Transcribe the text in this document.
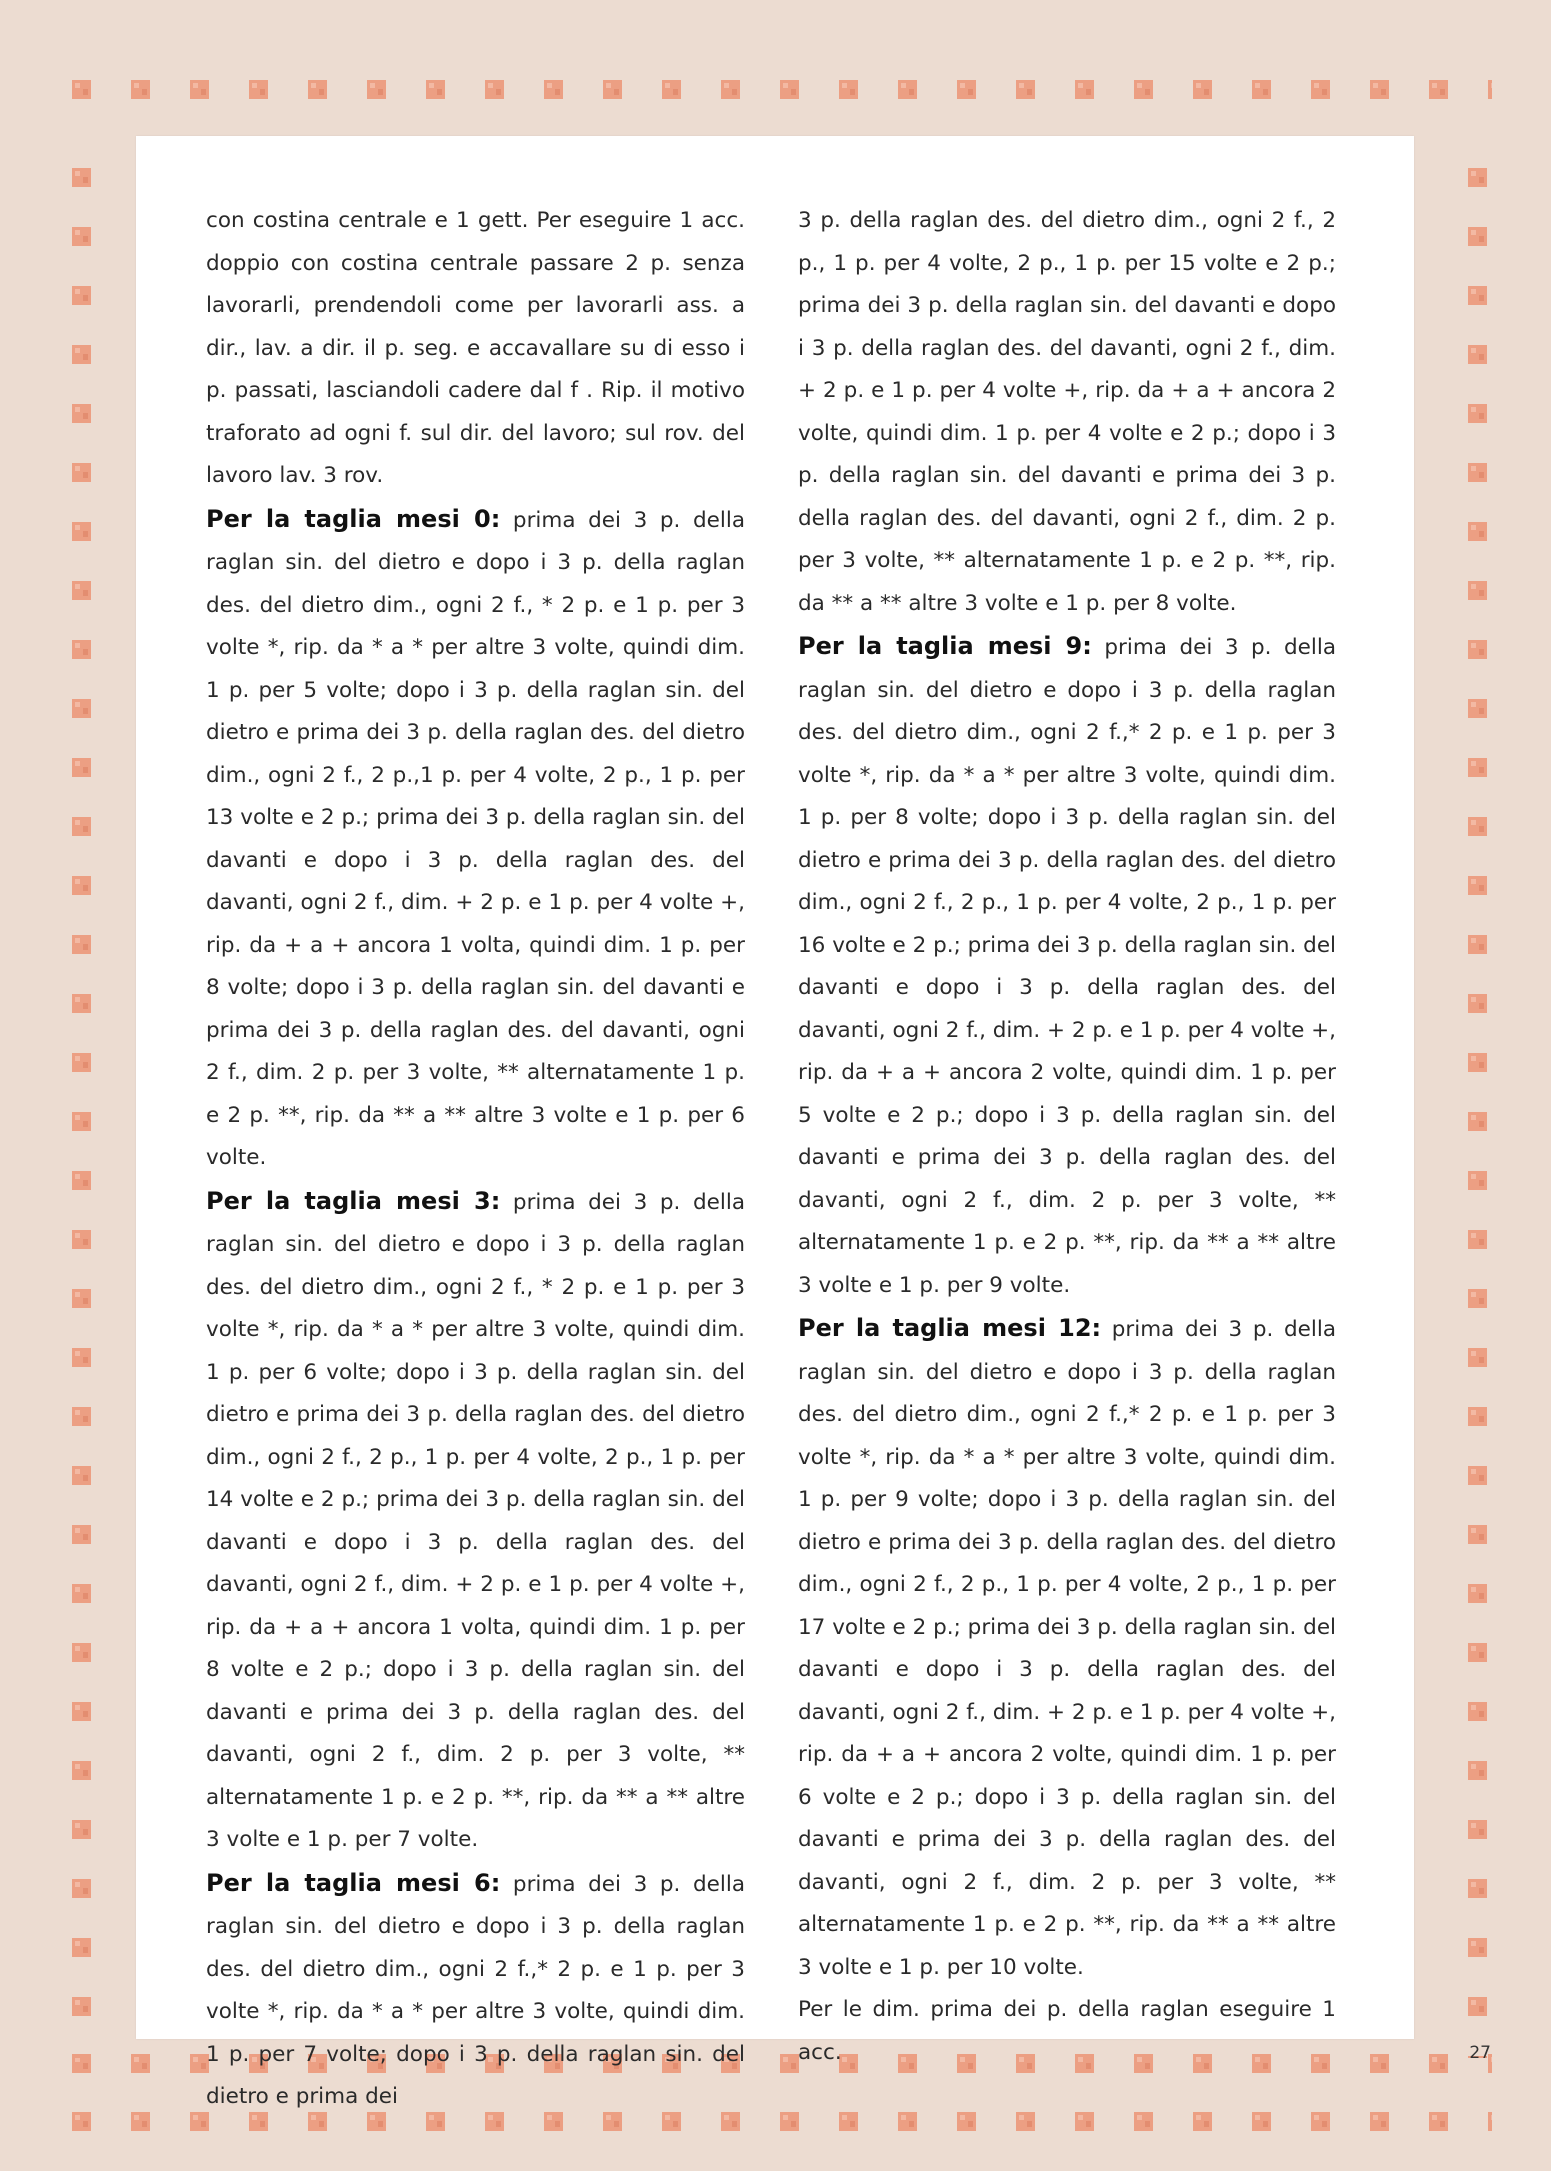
con costina centrale e 1 gett. Per eseguire 1 acc. doppio con costina centrale passare 2 p. senza lavorarli, prendendoli come per lavorarli ass. a dir., lav. a dir. il p. seg. e accavallare su di esso i p. passati, lasciandoli cadere dal f . Rip. il motivo traforato ad ogni f. sul dir. del lavoro; sul rov. del lavoro lav. 3 rov.

Per la taglia mesi 0: prima dei 3 p. della raglan sin. del dietro e dopo i 3 p. della raglan des. del dietro dim., ogni 2 f., * 2 p. e 1 p. per 3 volte *, rip. da * a * per altre 3 volte, quindi dim. 1 p. per 5 volte; dopo i 3 p. della raglan sin. del dietro e prima dei 3 p. della raglan des. del dietro dim., ogni 2 f., 2 p.,1 p. per 4 volte, 2 p., 1 p. per 13 volte e 2 p.; prima dei 3 p. della raglan sin. del davanti e dopo i 3 p. della raglan des. del davanti, ogni 2 f., dim. + 2 p. e 1 p. per 4 volte +, rip. da + a + ancora 1 volta, quindi dim. 1 p. per 8 volte; dopo i 3 p. della raglan sin. del davanti e prima dei 3 p. della raglan des. del davanti, ogni 2 f., dim. 2 p. per 3 volte, ** alternatamente 1 p. e 2 p. **, rip. da ** a ** altre 3 volte e 1 p. per 6 volte.

Per la taglia mesi 3: prima dei 3 p. della raglan sin. del dietro e dopo i 3 p. della raglan des. del dietro dim., ogni 2 f., * 2 p. e 1 p. per 3 volte *, rip. da * a * per altre 3 volte, quindi dim. 1 p. per 6 volte; dopo i 3 p. della raglan sin. del dietro e prima dei 3 p. della raglan des. del dietro dim., ogni 2 f., 2 p., 1 p. per 4 volte, 2 p., 1 p. per 14 volte e 2 p.; prima dei 3 p. della raglan sin. del davanti e dopo i 3 p. della raglan des. del davanti, ogni 2 f., dim. + 2 p. e 1 p. per 4 volte +, rip. da + a + ancora 1 volta, quindi dim. 1 p. per 8 volte e 2 p.; dopo i 3 p. della raglan sin. del davanti e prima dei 3 p. della raglan des. del davanti, ogni 2 f., dim. 2 p. per 3 volte, ** alternatamente 1 p. e 2 p. **, rip. da ** a ** altre 3 volte e 1 p. per 7 volte.

Per la taglia mesi 6: prima dei 3 p. della raglan sin. del dietro e dopo i 3 p. della raglan des. del dietro dim., ogni 2 f.,* 2 p. e 1 p. per 3 volte *, rip. da * a * per altre 3 volte, quindi dim. 1 p. per 7 volte; dopo i 3 p. della raglan sin. del dietro e prima dei

3 p. della raglan des. del dietro dim., ogni 2 f., 2 p., 1 p. per 4 volte, 2 p., 1 p. per 15 volte e 2 p.; prima dei 3 p. della raglan sin. del davanti e dopo i 3 p. della raglan des. del davanti, ogni 2 f., dim. + 2 p. e 1 p. per 4 volte +, rip. da + a + ancora 2 volte, quindi dim. 1 p. per 4 volte e 2 p.; dopo i 3 p. della raglan sin. del davanti e prima dei 3 p. della raglan des. del davanti, ogni 2 f., dim. 2 p. per 3 volte, ** alternatamente 1 p. e 2 p. **, rip. da ** a ** altre 3 volte e 1 p. per 8 volte.

Per la taglia mesi 9: prima dei 3 p. della raglan sin. del dietro e dopo i 3 p. della raglan des. del dietro dim., ogni 2 f.,* 2 p. e 1 p. per 3 volte *, rip. da * a * per altre 3 volte, quindi dim. 1 p. per 8 volte; dopo i 3 p. della raglan sin. del dietro e prima dei 3 p. della raglan des. del dietro dim., ogni 2 f., 2 p., 1 p. per 4 volte, 2 p., 1 p. per 16 volte e 2 p.; prima dei 3 p. della raglan sin. del davanti e dopo i 3 p. della raglan des. del davanti, ogni 2 f., dim. + 2 p. e 1 p. per 4 volte +, rip. da + a + ancora 2 volte, quindi dim. 1 p. per 5 volte e 2 p.; dopo i 3 p. della raglan sin. del davanti e prima dei 3 p. della raglan des. del davanti, ogni 2 f., dim. 2 p. per 3 volte, ** alternatamente 1 p. e 2 p. **, rip. da ** a ** altre 3 volte e 1 p. per 9 volte.

Per la taglia mesi 12: prima dei 3 p. della raglan sin. del dietro e dopo i 3 p. della raglan des. del dietro dim., ogni 2 f.,* 2 p. e 1 p. per 3 volte *, rip. da * a * per altre 3 volte, quindi dim. 1 p. per 9 volte; dopo i 3 p. della raglan sin. del dietro e prima dei 3 p. della raglan des. del dietro dim., ogni 2 f., 2 p., 1 p. per 4 volte, 2 p., 1 p. per 17 volte e 2 p.; prima dei 3 p. della raglan sin. del davanti e dopo i 3 p. della raglan des. del davanti, ogni 2 f., dim. + 2 p. e 1 p. per 4 volte +, rip. da + a + ancora 2 volte, quindi dim. 1 p. per 6 volte e 2 p.; dopo i 3 p. della raglan sin. del davanti e prima dei 3 p. della raglan des. del davanti, ogni 2 f., dim. 2 p. per 3 volte, ** alternatamente 1 p. e 2 p. **, rip. da ** a ** altre 3 volte e 1 p. per 10 volte.

Per le dim. prima dei p. della raglan eseguire 1 acc.	27
